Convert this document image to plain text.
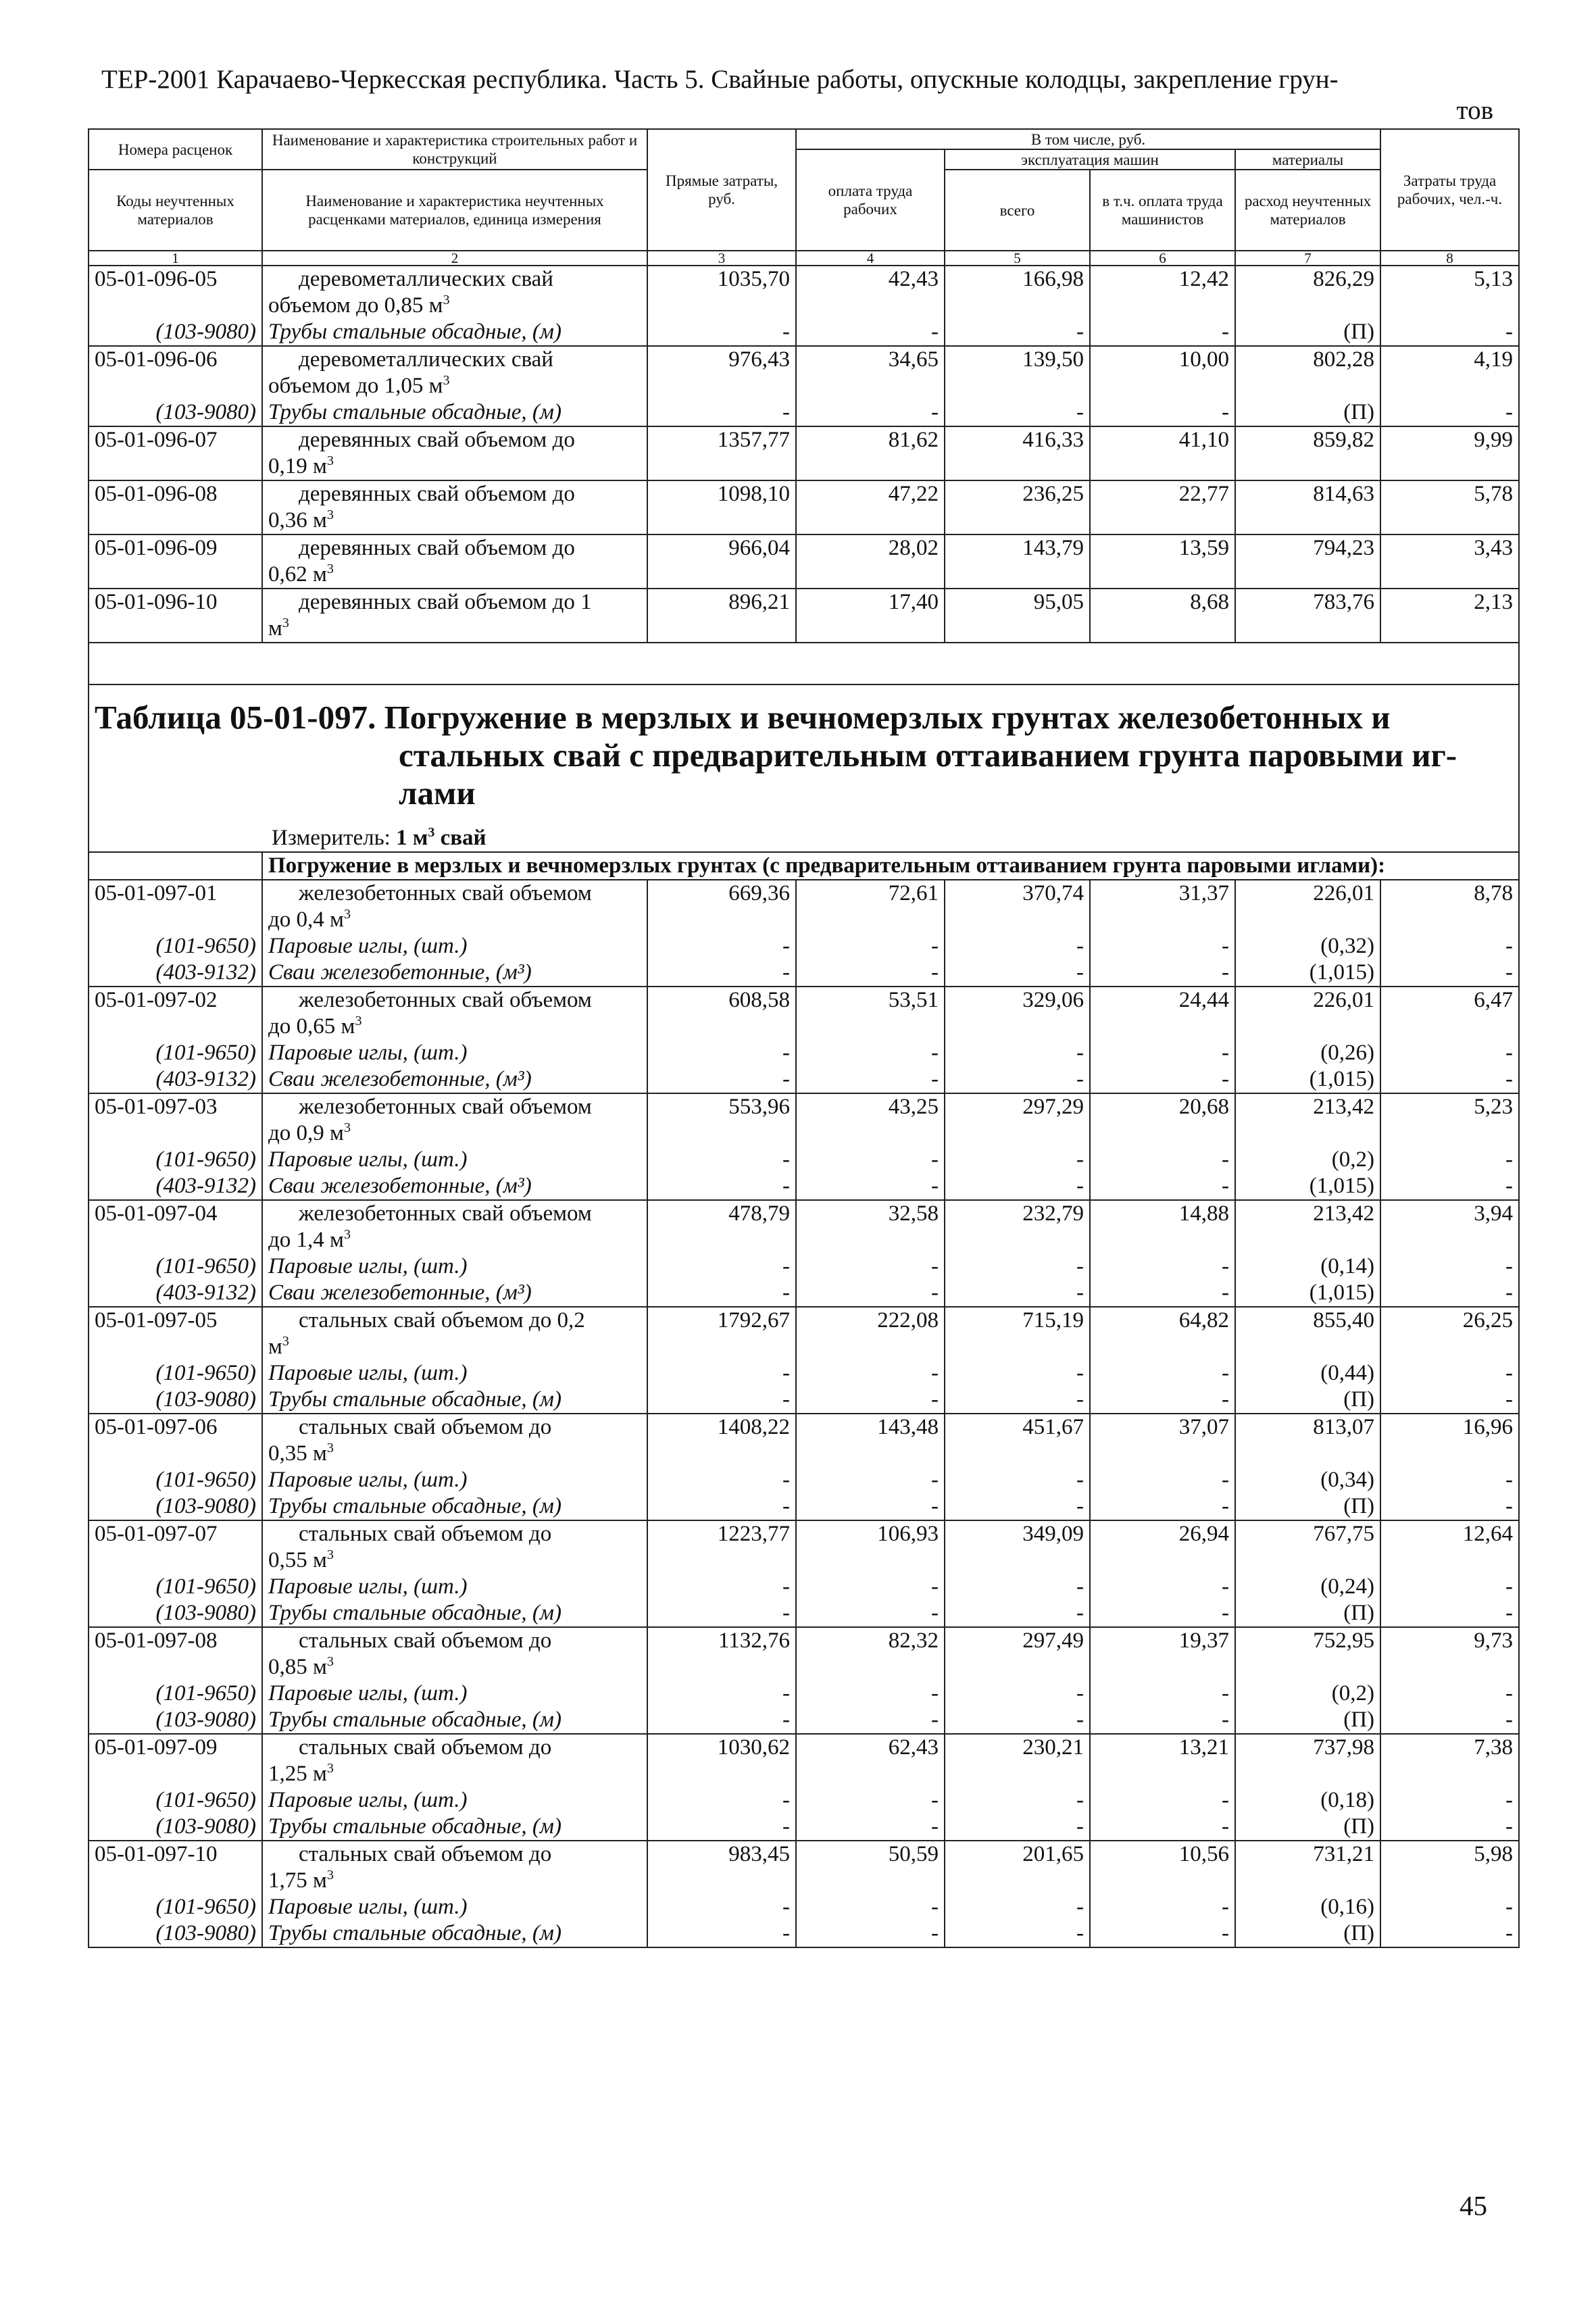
ТЕР-2001 Карачаево-Черкесская республика. Часть 5. Свайные работы, опускные колодцы, закрепление грун-
тов
Номера расценок	Наименование и характеристика строительных работ и конструкций	Прямые затраты, руб.	В том числе, руб.				Затраты труда рабочих, чел.-ч.
			оплата труда рабочих	эксплуатация машин		материалы	
Коды неучтенных материалов	Наименование и характеристика неучтенных расценками материалов, единица измерения			всего	в т.ч. оплата труда машинистов	расход неучтенных материалов	

1	2	3	4	5	6	7	8
05-01-096-05	деревометаллических свай
объемом до 0,85 $м^3$	1035,70	42,43	166,98	12,42	826,29	5,13
(103-9080)	Трубы стальные обсадные, (м)	-	-	-	-	(П)	-
05-01-096-06	деревометаллических свай
объемом до 1,05 $м^3$	976,43	34,65	139,50	10,00	802,28	4,19
(103-9080)	Трубы стальные обсадные, (м)	-	-	-	-	(П)	-
05-01-096-07	деревянных свай объемом до
0,19 $м^3$	1357,77	81,62	416,33	41,10	859,82	9,99
05-01-096-08	деревянных свай объемом до
0,36 $м^3$	1098,10	47,22	236,25	22,77	814,63	5,78
05-01-096-09	деревянных свай объемом до
0,62 $м^3$	966,04	28,02	143,79	13,59	794,23	3,43
05-01-096-10	деревянных свай объемом до 1
$м^3$	896,21	17,40	95,05	8,68	783,76	2,13

Таблица 05-01-097. Погружение в мерзлых и вечномерзлых грунтах железобетонных и
стальных свай с предварительным оттаиванием грунта паровыми иг-
лами
Измеритель: 1 $м^3$ свай							

	Погружение в мерзлых и вечномерзлых грунтах (с предварительным оттаиванием грунта паровыми иглами):						
05-01-097-01	железобетонных свай объемом
до 0,4 $м^3$	669,36	72,61	370,74	31,37	226,01	8,78
(101-9650)	Паровые иглы, (шт.)	-	-	-	-	(0,32)	-
(403-9132)	Сваи железобетонные, (м³)	-	-	-	-	(1,015)	-
05-01-097-02	железобетонных свай объемом
до 0,65 $м^3$	608,58	53,51	329,06	24,44	226,01	6,47
(101-9650)	Паровые иглы, (шт.)	-	-	-	-	(0,26)	-
(403-9132)	Сваи железобетонные, (м³)	-	-	-	-	(1,015)	-
05-01-097-03	железобетонных свай объемом
до 0,9 $м^3$	553,96	43,25	297,29	20,68	213,42	5,23
(101-9650)	Паровые иглы, (шт.)	-	-	-	-	(0,2)	-
(403-9132)	Сваи железобетонные, (м³)	-	-	-	-	(1,015)	-
05-01-097-04	железобетонных свай объемом
до 1,4 $м^3$	478,79	32,58	232,79	14,88	213,42	3,94
(101-9650)	Паровые иглы, (шт.)	-	-	-	-	(0,14)	-
(403-9132)	Сваи железобетонные, (м³)	-	-	-	-	(1,015)	-
05-01-097-05	стальных свай объемом до 0,2
$м^3$	1792,67	222,08	715,19	64,82	855,40	26,25
(101-9650)	Паровые иглы, (шт.)	-	-	-	-	(0,44)	-
(103-9080)	Трубы стальные обсадные, (м)	-	-	-	-	(П)	-
05-01-097-06	стальных свай объемом до
0,35 $м^3$	1408,22	143,48	451,67	37,07	813,07	16,96
(101-9650)	Паровые иглы, (шт.)	-	-	-	-	(0,34)	-
(103-9080)	Трубы стальные обсадные, (м)	-	-	-	-	(П)	-
05-01-097-07	стальных свай объемом до
0,55 $м^3$	1223,77	106,93	349,09	26,94	767,75	12,64
(101-9650)	Паровые иглы, (шт.)	-	-	-	-	(0,24)	-
(103-9080)	Трубы стальные обсадные, (м)	-	-	-	-	(П)	-
05-01-097-08	стальных свай объемом до
0,85 $м^3$	1132,76	82,32	297,49	19,37	752,95	9,73
(101-9650)	Паровые иглы, (шт.)	-	-	-	-	(0,2)	-
(103-9080)	Трубы стальные обсадные, (м)	-	-	-	-	(П)	-
05-01-097-09	стальных свай объемом до
1,25 $м^3$	1030,62	62,43	230,21	13,21	737,98	7,38
(101-9650)	Паровые иглы, (шт.)	-	-	-	-	(0,18)	-
(103-9080)	Трубы стальные обсадные, (м)	-	-	-	-	(П)	-
05-01-097-10	стальных свай объемом до
1,75 $м^3$	983,45	50,59	201,65	10,56	731,21	5,98
(101-9650)	Паровые иглы, (шт.)	-	-	-	-	(0,16)	-
(103-9080)	Трубы стальные обсадные, (м)	-	-	-	-	(П)	-
45
